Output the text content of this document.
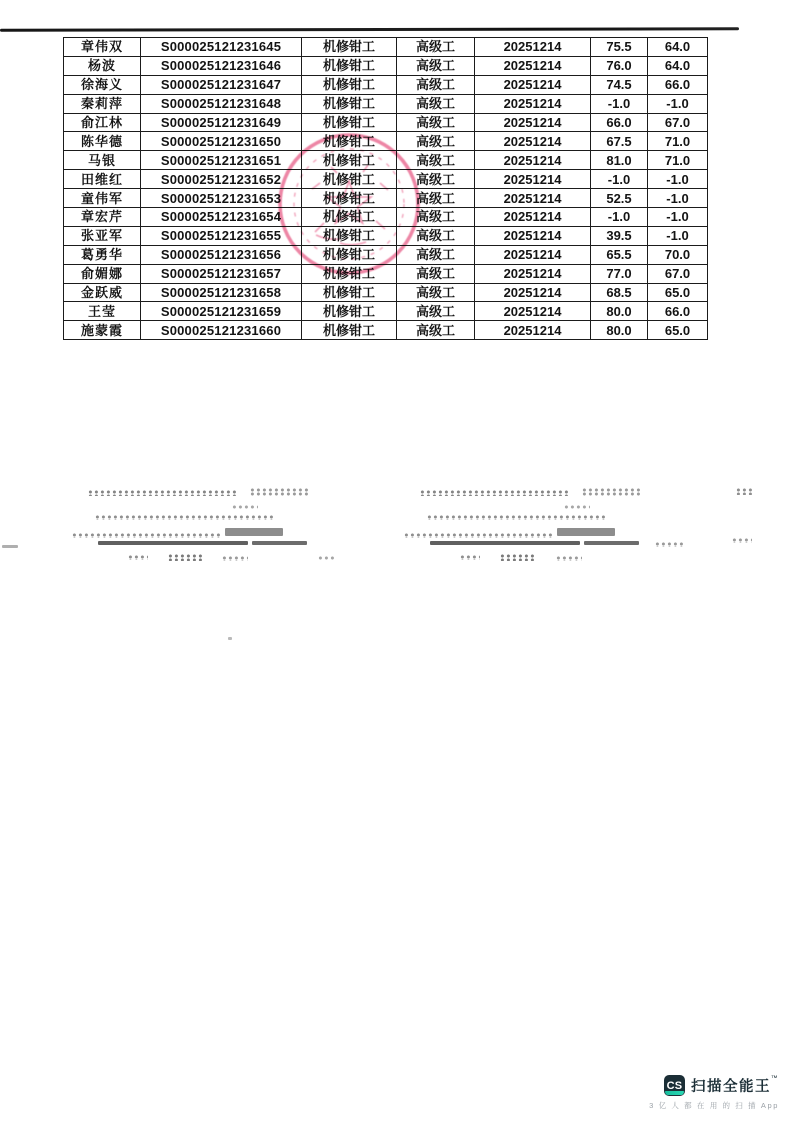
章伟双	S000025121231645	机修钳工	高级工	20251214	75.5	64.0
杨波	S000025121231646	机修钳工	高级工	20251214	76.0	64.0
徐海义	S000025121231647	机修钳工	高级工	20251214	74.5	66.0
秦莉萍	S000025121231648	机修钳工	高级工	20251214	-1.0	-1.0
俞江林	S000025121231649	机修钳工	高级工	20251214	66.0	67.0
陈华德	S000025121231650	机修钳工	高级工	20251214	67.5	71.0
马银	S000025121231651	机修钳工	高级工	20251214	81.0	71.0
田维红	S000025121231652	机修钳工	高级工	20251214	-1.0	-1.0
童伟军	S000025121231653	机修钳工	高级工	20251214	52.5	-1.0
章宏芹	S000025121231654	机修钳工	高级工	20251214	-1.0	-1.0
张亚军	S000025121231655	机修钳工	高级工	20251214	39.5	-1.0
葛勇华	S000025121231656	机修钳工	高级工	20251214	65.5	70.0
俞媚娜	S000025121231657	机修钳工	高级工	20251214	77.0	67.0
金跃威	S000025121231658	机修钳工	高级工	20251214	68.5	65.0
王莹	S000025121231659	机修钳工	高级工	20251214	80.0	66.0
施蒙霞	S000025121231660	机修钳工	高级工	20251214	80.0	65.0
CS 扫描全能王™
3 亿 人 都 在 用 的 扫 描 App
